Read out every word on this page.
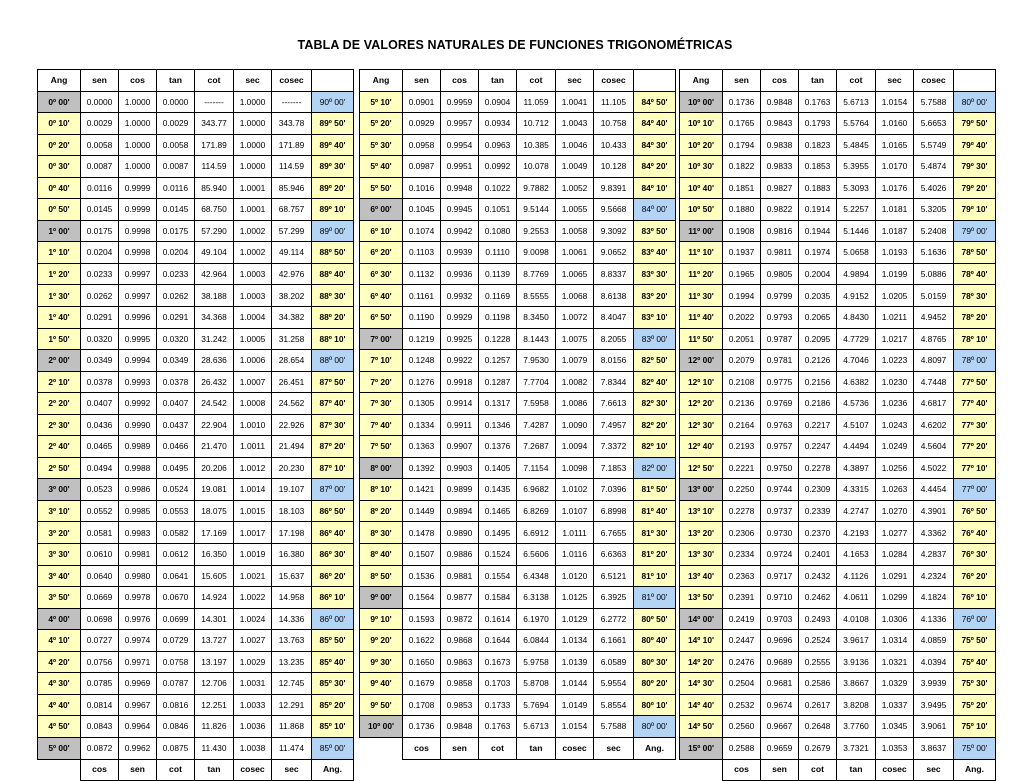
TABLA DE VALORES NATURALES DE FUNCIONES TRIGONOMÉTRICAS
Ang	sen	cos	tan	cot	sec	cosec	
0º 00'	0.0000	1.0000	0.0000	-------	1.0000	-------	90º 00'
0º 10'	0.0029	1.0000	0.0029	343.77	1.0000	343.78	89º 50'
0º 20'	0.0058	1.0000	0.0058	171.89	1.0000	171.89	89º 40'
0º 30'	0.0087	1.0000	0.0087	114.59	1.0000	114.59	89º 30'
0º 40'	0.0116	0.9999	0.0116	85.940	1.0001	85.946	89º 20'
0º 50'	0.0145	0.9999	0.0145	68.750	1.0001	68.757	89º 10'
1º 00'	0.0175	0.9998	0.0175	57.290	1.0002	57.299	89º 00'
1º 10'	0.0204	0.9998	0.0204	49.104	1.0002	49.114	88º 50'
1º 20'	0.0233	0.9997	0.0233	42.964	1.0003	42.976	88º 40'
1º 30'	0.0262	0.9997	0.0262	38.188	1.0003	38.202	88º 30'
1º 40'	0.0291	0.9996	0.0291	34.368	1.0004	34.382	88º 20'
1º 50'	0.0320	0.9995	0.0320	31.242	1.0005	31.258	88º 10'
2º 00'	0.0349	0.9994	0.0349	28.636	1.0006	28.654	88º 00'
2º 10'	0.0378	0.9993	0.0378	26.432	1.0007	26.451	87º 50'
2º 20'	0.0407	0.9992	0.0407	24.542	1.0008	24.562	87º 40'
2º 30'	0.0436	0.9990	0.0437	22.904	1.0010	22.926	87º 30'
2º 40'	0.0465	0.9989	0.0466	21.470	1.0011	21.494	87º 20'
2º 50'	0.0494	0.9988	0.0495	20.206	1.0012	20.230	87º 10'
3º 00'	0.0523	0.9986	0.0524	19.081	1.0014	19.107	87º 00'
3º 10'	0.0552	0.9985	0.0553	18.075	1.0015	18.103	86º 50'
3º 20'	0.0581	0.9983	0.0582	17.169	1.0017	17.198	86º 40'
3º 30'	0.0610	0.9981	0.0612	16.350	1.0019	16.380	86º 30'
3º 40'	0.0640	0.9980	0.0641	15.605	1.0021	15.637	86º 20'
3º 50'	0.0669	0.9978	0.0670	14.924	1.0022	14.958	86º 10'
4º 00'	0.0698	0.9976	0.0699	14.301	1.0024	14.336	86º 00'
4º 10'	0.0727	0.9974	0.0729	13.727	1.0027	13.763	85º 50'
4º 20'	0.0756	0.9971	0.0758	13.197	1.0029	13.235	85º 40'
4º 30'	0.0785	0.9969	0.0787	12.706	1.0031	12.745	85º 30'
4º 40'	0.0814	0.9967	0.0816	12.251	1.0033	12.291	85º 20'
4º 50'	0.0843	0.9964	0.0846	11.826	1.0036	11.868	85º 10'
5º 00'	0.0872	0.9962	0.0875	11.430	1.0038	11.474	85º 00'
	cos	sen	cot	tan	cosec	sec	Ang.
Ang	sen	cos	tan	cot	sec	cosec	
5º 10'	0.0901	0.9959	0.0904	11.059	1.0041	11.105	84º 50'
5º 20'	0.0929	0.9957	0.0934	10.712	1.0043	10.758	84º 40'
5º 30'	0.0958	0.9954	0.0963	10.385	1.0046	10.433	84º 30'
5º 40'	0.0987	0.9951	0.0992	10.078	1.0049	10.128	84º 20'
5º 50'	0.1016	0.9948	0.1022	9.7882	1.0052	9.8391	84º 10'
6º 00'	0.1045	0.9945	0.1051	9.5144	1.0055	9.5668	84º 00'
6º 10'	0.1074	0.9942	0.1080	9.2553	1.0058	9.3092	83º 50'
6º 20'	0.1103	0.9939	0.1110	9.0098	1.0061	9.0652	83º 40'
6º 30'	0.1132	0.9936	0.1139	8.7769	1.0065	8.8337	83º 30'
6º 40'	0.1161	0.9932	0.1169	8.5555	1.0068	8.6138	83º 20'
6º 50'	0.1190	0.9929	0.1198	8.3450	1.0072	8.4047	83º 10'
7º 00'	0.1219	0.9925	0.1228	8.1443	1.0075	8.2055	83º 00'
7º 10'	0.1248	0.9922	0.1257	7.9530	1.0079	8.0156	82º 50'
7º 20'	0.1276	0.9918	0.1287	7.7704	1.0082	7.8344	82º 40'
7º 30'	0.1305	0.9914	0.1317	7.5958	1.0086	7.6613	82º 30'
7º 40'	0.1334	0.9911	0.1346	7.4287	1.0090	7.4957	82º 20'
7º 50'	0.1363	0.9907	0.1376	7.2687	1.0094	7.3372	82º 10'
8º 00'	0.1392	0.9903	0.1405	7.1154	1.0098	7.1853	82º 00'
8º 10'	0.1421	0.9899	0.1435	6.9682	1.0102	7.0396	81º 50'
8º 20'	0.1449	0.9894	0.1465	6.8269	1.0107	6.8998	81º 40'
8º 30'	0.1478	0.9890	0.1495	6.6912	1.0111	6.7655	81º 30'
8º 40'	0.1507	0.9886	0.1524	6.5606	1.0116	6.6363	81º 20'
8º 50'	0.1536	0.9881	0.1554	6.4348	1.0120	6.5121	81º 10'
9º 00'	0.1564	0.9877	0.1584	6.3138	1.0125	6.3925	81º 00'
9º 10'	0.1593	0.9872	0.1614	6.1970	1.0129	6.2772	80º 50'
9º 20'	0.1622	0.9868	0.1644	6.0844	1.0134	6.1661	80º 40'
9º 30'	0.1650	0.9863	0.1673	5.9758	1.0139	6.0589	80º 30'
9º 40'	0.1679	0.9858	0.1703	5.8708	1.0144	5.9554	80º 20'
9º 50'	0.1708	0.9853	0.1733	5.7694	1.0149	5.8554	80º 10'
10º 00'	0.1736	0.9848	0.1763	5.6713	1.0154	5.7588	80º 00'
	cos	sen	cot	tan	cosec	sec	Ang.
Ang	sen	cos	tan	cot	sec	cosec	
10º 00'	0.1736	0.9848	0.1763	5.6713	1.0154	5.7588	80º 00'
10º 10'	0.1765	0.9843	0.1793	5.5764	1.0160	5.6653	79º 50'
10º 20'	0.1794	0.9838	0.1823	5.4845	1.0165	5.5749	79º 40'
10º 30'	0.1822	0.9833	0.1853	5.3955	1.0170	5.4874	79º 30'
10º 40'	0.1851	0.9827	0.1883	5.3093	1.0176	5.4026	79º 20'
10º 50'	0.1880	0.9822	0.1914	5.2257	1.0181	5.3205	79º 10'
11º 00'	0.1908	0.9816	0.1944	5.1446	1.0187	5.2408	79º 00'
11º 10'	0.1937	0.9811	0.1974	5.0658	1.0193	5.1636	78º 50'
11º 20'	0.1965	0.9805	0.2004	4.9894	1.0199	5.0886	78º 40'
11º 30'	0.1994	0.9799	0.2035	4.9152	1.0205	5.0159	78º 30'
11º 40'	0.2022	0.9793	0.2065	4.8430	1.0211	4.9452	78º 20'
11º 50'	0.2051	0.9787	0.2095	4.7729	1.0217	4.8765	78º 10'
12º 00'	0.2079	0.9781	0.2126	4.7046	1.0223	4.8097	78º 00'
12º 10'	0.2108	0.9775	0.2156	4.6382	1.0230	4.7448	77º 50'
12º 20'	0.2136	0.9769	0.2186	4.5736	1.0236	4.6817	77º 40'
12º 30'	0.2164	0.9763	0.2217	4.5107	1.0243	4.6202	77º 30'
12º 40'	0.2193	0.9757	0.2247	4.4494	1.0249	4.5604	77º 20'
12º 50'	0.2221	0.9750	0.2278	4.3897	1.0256	4.5022	77º 10'
13º 00'	0.2250	0.9744	0.2309	4.3315	1.0263	4.4454	77º 00'
13º 10'	0.2278	0.9737	0.2339	4.2747	1.0270	4.3901	76º 50'
13º 20'	0.2306	0.9730	0.2370	4.2193	1.0277	4.3362	76º 40'
13º 30'	0.2334	0.9724	0.2401	4.1653	1.0284	4.2837	76º 30'
13º 40'	0.2363	0.9717	0.2432	4.1126	1.0291	4.2324	76º 20'
13º 50'	0.2391	0.9710	0.2462	4.0611	1.0299	4.1824	76º 10'
14º 00'	0.2419	0.9703	0.2493	4.0108	1.0306	4.1336	76º 00'
14º 10'	0.2447	0.9696	0.2524	3.9617	1.0314	4.0859	75º 50'
14º 20'	0.2476	0.9689	0.2555	3.9136	1.0321	4.0394	75º 40'
14º 30'	0.2504	0.9681	0.2586	3.8667	1.0329	3.9939	75º 30'
14º 40'	0.2532	0.9674	0.2617	3.8208	1.0337	3.9495	75º 20'
14º 50'	0.2560	0.9667	0.2648	3.7760	1.0345	3.9061	75º 10'
15º 00'	0.2588	0.9659	0.2679	3.7321	1.0353	3.8637	75º 00'
	cos	sen	cot	tan	cosec	sec	Ang.
